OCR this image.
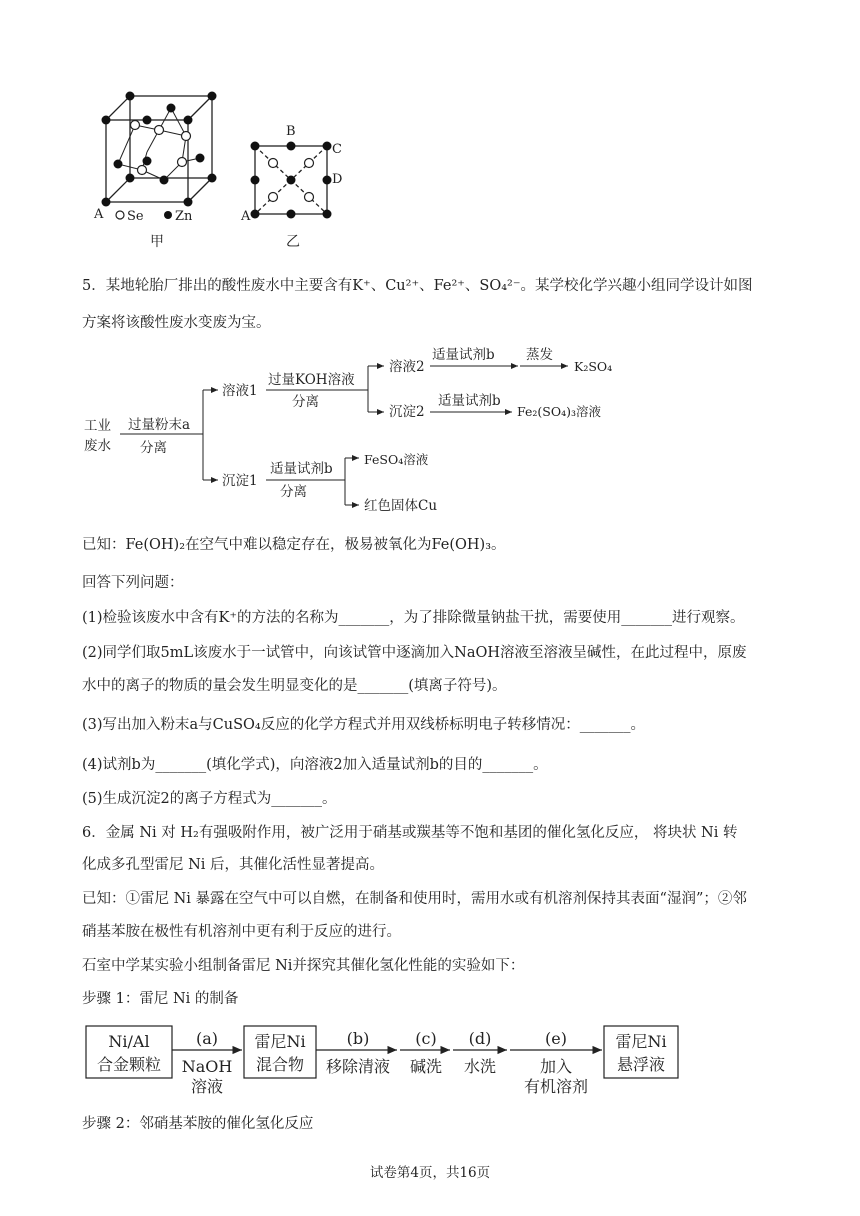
A Se Zn
甲
B
C
D
A
乙
5．某地轮胎厂排出的酸性废水中主要含有K⁺、Cu²⁺、Fe²⁺、SO₄²⁻。某学校化学兴趣小组同学设计如图
方案将该酸性废水变废为宝。
工业
废水
过量粉末a
分离
溶液1
过量KOH溶液
分离
溶液2
适量试剂b 蒸发
K₂SO₄
沉淀2
适量试剂b
Fe₂(SO₄)₃溶液
沉淀1
适量试剂b
分离
FeSO₄溶液
红色固体Cu
已知：Fe(OH)₂在空气中难以稳定存在，极易被氧化为Fe(OH)₃。
回答下列问题：
(1)检验该废水中含有K⁺的方法的名称为_______，为了排除微量钠盐干扰，需要使用_______进行观察。
(2)同学们取5mL该废水于一试管中，向该试管中逐滴加入NaOH溶液至溶液呈碱性，在此过程中，原废
水中的离子的物质的量会发生明显变化的是_______(填离子符号)。
(3)写出加入粉末a与CuSO₄反应的化学方程式并用双线桥标明电子转移情况：_______。
(4)试剂b为_______(填化学式)，向溶液2加入适量试剂b的目的_______。
(5)生成沉淀2的离子方程式为_______。
6．金属 Ni 对 H₂有强吸附作用，被广泛用于硝基或羰基等不饱和基团的催化氢化反应， 将块状 Ni 转
化成多孔型雷尼 Ni 后，其催化活性显著提高。
已知：①雷尼 Ni 暴露在空气中可以自燃，在制备和使用时，需用水或有机溶剂保持其表面“湿润”；②邻
硝基苯胺在极性有机溶剂中更有利于反应的进行。
石室中学某实验小组制备雷尼 Ni并探究其催化氢化性能的实验如下：
步骤 1：雷尼 Ni 的制备
Ni/Al
合金颗粒
(a)
NaOH
溶液
雷尼Ni
混合物
(b)
移除清液
(c)
碱洗
(d)
水洗
(e)
加入
有机溶剂
雷尼Ni
悬浮液
步骤 2：邻硝基苯胺的催化氢化反应
试卷第4页，共16页
